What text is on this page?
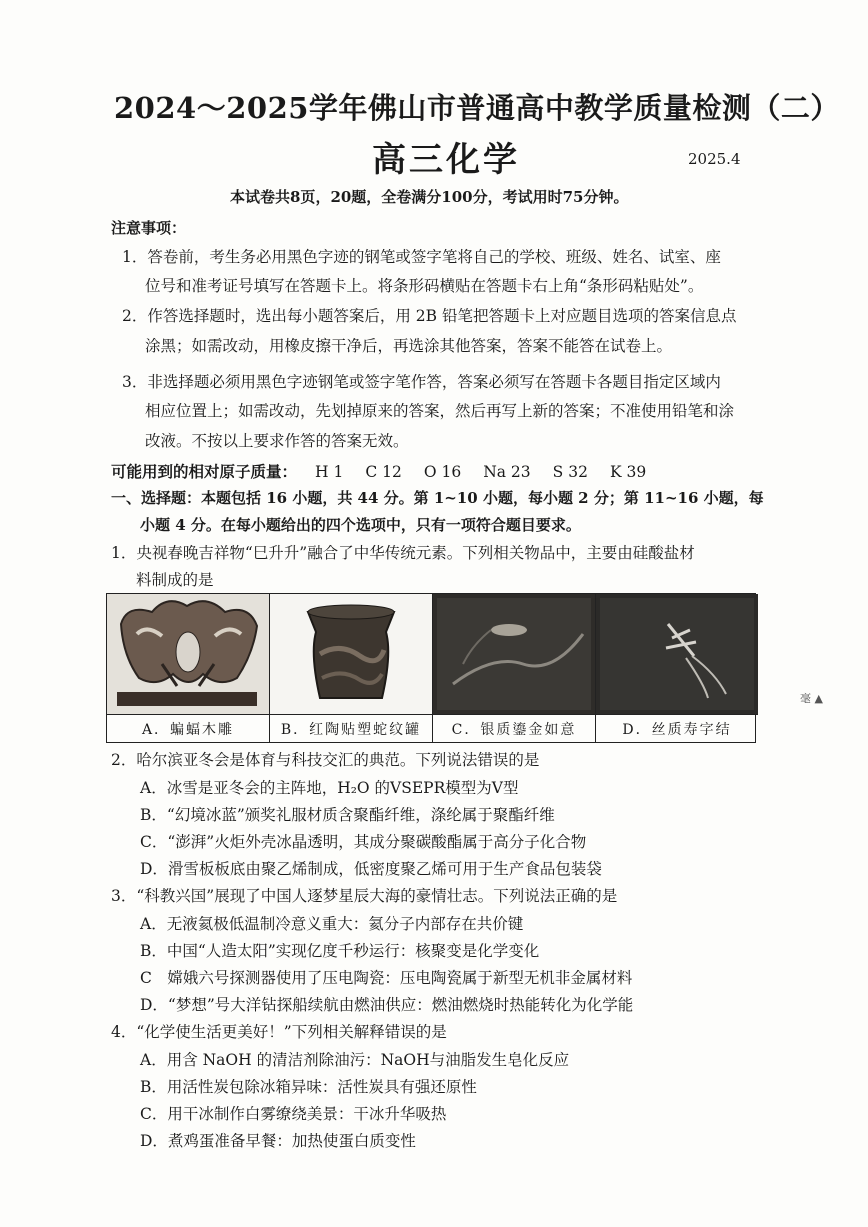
2024～2025学年佛山市普通高中教学质量检测（二）
高三化学	2025.4
本试卷共8页，20题，全卷满分100分，考试用时75分钟。
注意事项：
1．答卷前，考生务必用黑色字迹的钢笔或签字笔将自己的学校、班级、姓名、试室、座
位号和准考证号填写在答题卡上。将条形码横贴在答题卡右上角“条形码粘贴处”。
2．作答选择题时，选出每小题答案后，用 2B 铅笔把答题卡上对应题目选项的答案信息点
涂黑；如需改动，用橡皮擦干净后，再选涂其他答案，答案不能答在试卷上。
3．非选择题必须用黑色字迹钢笔或签字笔作答，答案必须写在答题卡各题目指定区域内
相应位置上；如需改动，先划掉原来的答案，然后再写上新的答案；不准使用铅笔和涂
改液。不按以上要求作答的答案无效。
可能用到的相对原子质量： H 1 C 12 O 16 Na 23 S 32 K 39
一、选择题：本题包括 16 小题，共 44 分。第 1~10 小题，每小题 2 分；第 11~16 小题，每
小题 4 分。在每小题给出的四个选项中，只有一项符合题目要求。
1．央视春晚吉祥物“巳升升”融合了中华传统元素。下列相关物品中，主要由硅酸盐材
料制成的是
A．蝙蝠木雕	B．红陶贴塑蛇纹罐	C．银质鎏金如意	D．丝质寿字结
毫 ▲
2．哈尔滨亚冬会是体育与科技交汇的典范。下列说法错误的是
A．冰雪是亚冬会的主阵地，H₂O 的VSEPR模型为V型
B．“幻境冰蓝”颁奖礼服材质含聚酯纤维，涤纶属于聚酯纤维
C．“澎湃”火炬外壳冰晶透明，其成分聚碳酸酯属于高分子化合物
D．滑雪板板底由聚乙烯制成，低密度聚乙烯可用于生产食品包装袋
3．“科教兴国”展现了中国人逐梦星辰大海的豪情壮志。下列说法正确的是
A．无液氦极低温制冷意义重大：氦分子内部存在共价键
B．中国“人造太阳”实现亿度千秒运行：核聚变是化学变化
C　嫦娥六号探测器使用了压电陶瓷：压电陶瓷属于新型无机非金属材料
D．“梦想”号大洋钻探船续航由燃油供应：燃油燃烧时热能转化为化学能
4．“化学使生活更美好！”下列相关解释错误的是
A．用含 NaOH 的清洁剂除油污：NaOH与油脂发生皂化反应
B．用活性炭包除冰箱异味：活性炭具有强还原性
C．用干冰制作白雾缭绕美景：干冰升华吸热
D．煮鸡蛋准备早餐：加热使蛋白质变性
